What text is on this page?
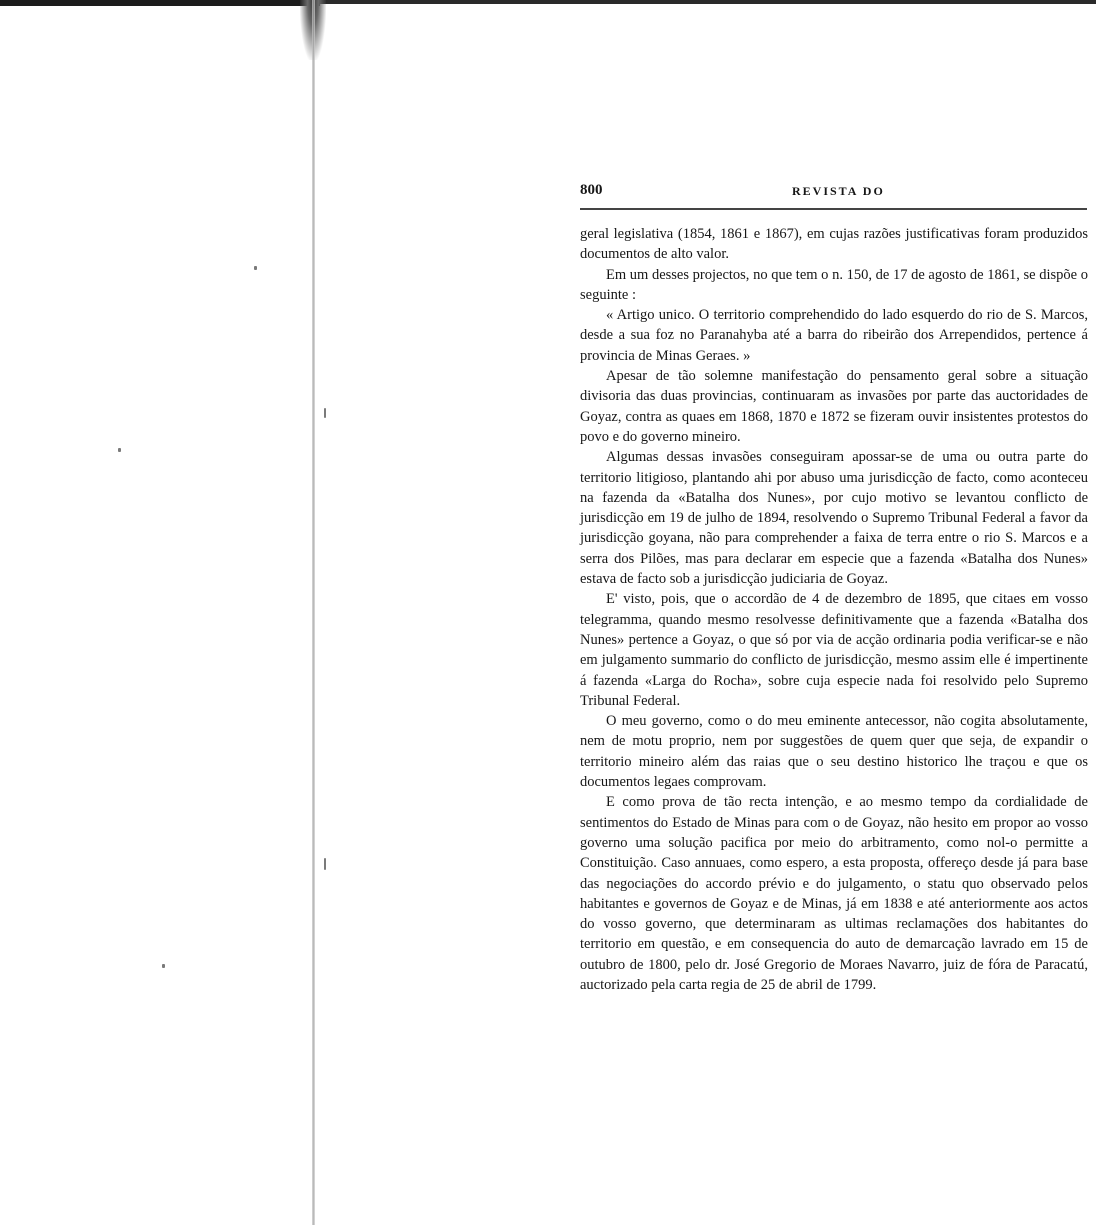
800	REVISTA DO

geral legislativa (1854, 1861 e 1867), em cujas razões justificativas foram produzidos documentos de alto valor.

Em um desses projectos, no que tem o n. 150, de 17 de agosto de 1861, se dispõe o seguinte :

« Artigo unico. O territorio comprehendido do lado esquerdo do rio de S. Marcos, desde a sua foz no Paranahyba até a barra do ribeirão dos Arrependidos, pertence á provincia de Minas Geraes. »

Apesar de tão solemne manifestação do pensamento geral sobre a situação divisoria das duas provincias, continuaram as invasões por parte das auctoridades de Goyaz, contra as quaes em 1868, 1870 e 1872 se fizeram ouvir insistentes protestos do povo e do governo mineiro.

Algumas dessas invasões conseguiram apossar-se de uma ou outra parte do territorio litigioso, plantando ahi por abuso uma jurisdicção de facto, como aconteceu na fazenda da «Batalha dos Nunes», por cujo motivo se levantou conflicto de jurisdicção em 19 de julho de 1894, resolvendo o Supremo Tribunal Federal a favor da jurisdicção goyana, não para comprehender a faixa de terra entre o rio S. Marcos e a serra dos Pilões, mas para declarar em especie que a fazenda «Batalha dos Nunes» estava de facto sob a jurisdicção judiciaria de Goyaz.

E' visto, pois, que o accordão de 4 de dezembro de 1895, que citaes em vosso telegramma, quando mesmo resolvesse definitivamente que a fazenda «Batalha dos Nunes» pertence a Goyaz, o que só por via de acção ordinaria podia verificar-se e não em julgamento summario do conflicto de jurisdicção, mesmo assim elle é impertinente á fazenda «Larga do Rocha», sobre cuja especie nada foi resolvido pelo Supremo Tribunal Federal.

O meu governo, como o do meu eminente antecessor, não cogita absolutamente, nem de motu proprio, nem por suggestões de quem quer que seja, de expandir o territorio mineiro além das raias que o seu destino historico lhe traçou e que os documentos legaes comprovam.

E como prova de tão recta intenção, e ao mesmo tempo da cordialidade de sentimentos do Estado de Minas para com o de Goyaz, não hesito em propor ao vosso governo uma solução pacifica por meio do arbitramento, como nol-o permitte a Constituição. Caso annuaes, como espero, a esta proposta, offereço desde já para base das negociações do accordo prévio e do julgamento, o statu quo observado pelos habitantes e governos de Goyaz e de Minas, já em 1838 e até anteriormente aos actos do vosso governo, que determinaram as ultimas reclamações dos habitantes do territorio em questão, e em consequencia do auto de demarcação lavrado em 15 de outubro de 1800, pelo dr. José Gregorio de Moraes Navarro, juiz de fóra de Paracatú, auctorizado pela carta regia de 25 de abril de 1799.
